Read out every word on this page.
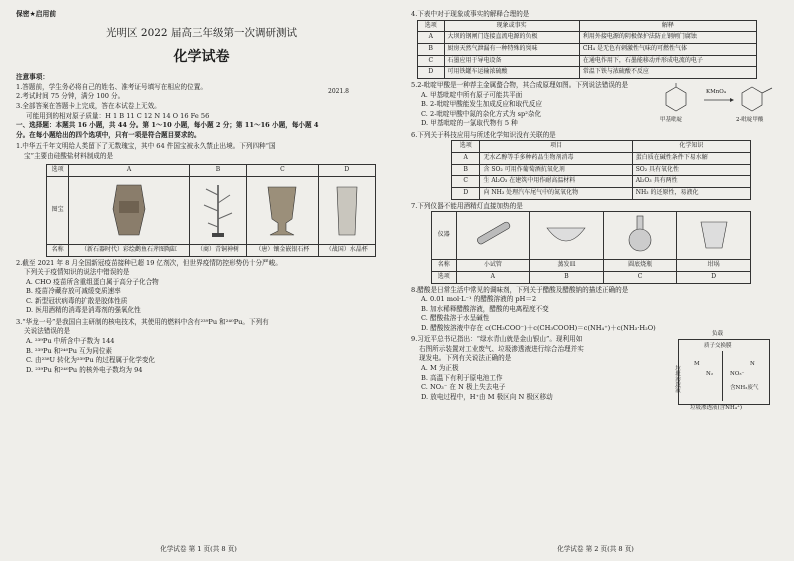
保密★启用前
光明区 2022 届高三年级第一次调研测试
化学试卷
2021.8
注意事项：
1.答题前，学生务必将自己的姓名、准考证号填写在相应的位置。
2.考试时间 75 分钟，满分 100 分。
3.全部答案在答题卡上完成，答在本试卷上无效。
可能用到的相对原子质量：H 1 B 11 C 12 N 14 O 16 Fe 56
一、选择题：本题共 16 小题，共 44 分。第 1～10 小题，每小题 2 分；第 11～16 小题，每小题 4
分。在每小题给出的四个选项中，只有一项是符合题目要求的。
1.中华五千年文明给人类留下了无数瑰宝，其中 64 件国宝被永久禁止出境。下列四种“国
宝”主要由硅酸盐材料制成的是
选项	A	B	C	D
图宝				
名称	（新石器时代）彩绘鹳鱼石斧图陶缸	（商）青铜神树	（唐）镶金嵌银石杯	（战国）水晶杯
2.截至 2021 年 8 月全国新冠疫苗接种已超 19 亿剂次，但世界疫情防控形势仍十分严峻。
下列关于疫情知识的说法中错误的是
A. CHO 疫苗所含重组蛋白属于高分子化合物
B. 疫苗冷藏存放可减缓变质速率
C. 新型冠状病毒的扩散是胶体性质
D. 医用酒精的消毒是消毒剂的强氧化性
3.“华龙一号”是我国自主研制的核电技术，其使用的燃料中含有²³⁹Pu 和²⁴⁰Pu。下列有
关说法错误的是
A. ²³⁹Pu 中所含中子数为 144
B. ²³⁹Pu 和²⁴⁰Pu 互为同位素
C. 由²³⁸U 转化为²³⁹Pu 的过程属于化学变化
D. ²³⁹Pu 和²⁴⁰Pu 的核外电子数均为 94
化学试卷 第 1 页(共 8 页)
4.下表中对于现象或事实的解释合理的是
选项	现象或事实	解释
A	大坝的钢闸门连接直流电源的负极	利用外接电源的阴极保护法防止钢闸门腐蚀
B	厨房天然气泄漏有一种特殊的臭味	CH₄ 是无色有刺激性气味的可燃性气体
C	石墨应用于导电设备	在通电作用下，石墨能移动并形成电流的电子
D	可用铁罐车运输浓硫酸	常温下铁与浓硫酸不反应
5.2-吡啶甲酸是一种荐主金属螯合物，其合成原理如图。下列说法错误的是
A. 甲基吡啶中所有原子可能共平面
B. 2-吡啶甲酸能发生加成反应和取代反应
C. 2-吡啶甲酸中氮的杂化方式为 sp²杂化
D. 甲基吡啶的一氯取代物有 5 种	甲基吡啶
KMnO₄
2-吡啶甲酸
6.下列关于科技应用与所述化学知识没有关联的是
选项	项目	化学知识
A	无水乙醇等手多种药品生物剂消毒	蛋白质在碱性条件下易水解
B	含 SO₂ 可用作葡萄酒抗氧化剂	SO₂ 具有氧化性
C	生 Al₂O₃ 在建筑中用作耐高温材料	Al₂O₃ 具有两性
D	向 NH₃ 处理汽车尾气中的氮氧化物	NH₃ 的还原性，易液化
7.下列仪器不能用酒精灯直接加热的是
仪器				
名称	小试管	蒸发皿	圆底烧瓶	坩埚
选项	A	B	C	D
8.醋酸是日常生活中常见的调味剂，下列关于醋酸及醋酸钠的描述正确的是
A. 0.01 mol·L⁻¹ 的醋酸溶液的 pH＝2
B. 加水稀释醋酸溶液，醋酸的电离程度不变
C. 醋酸盐溶于水呈碱性
D. 醋酸铵溶液中存在 c(CH₃COO⁻)＋c(CH₃COOH)＝c(NH₄⁺)＋c(NH₃·H₂O)
9.习近平总书记指出：“绿水青山就是金山银山”。现利用如
右图所示装置对工业废气、垃圾渗透液进行综合治理并实
现发电。下列有关说法正确的是
A. M 为正极
B. 高温下有利于原电池工作
C. NO₃⁻ 在 N 极上失去电子
D. 放电过程中，H⁺由 M 极区向 N 极区移动
负载
质子交换膜
垃圾渗透液
M
N₂	NO₃⁻
N
含NH₃废气
垃圾渗透液(含NH₄⁺)
化学试卷 第 2 页(共 8 页)
